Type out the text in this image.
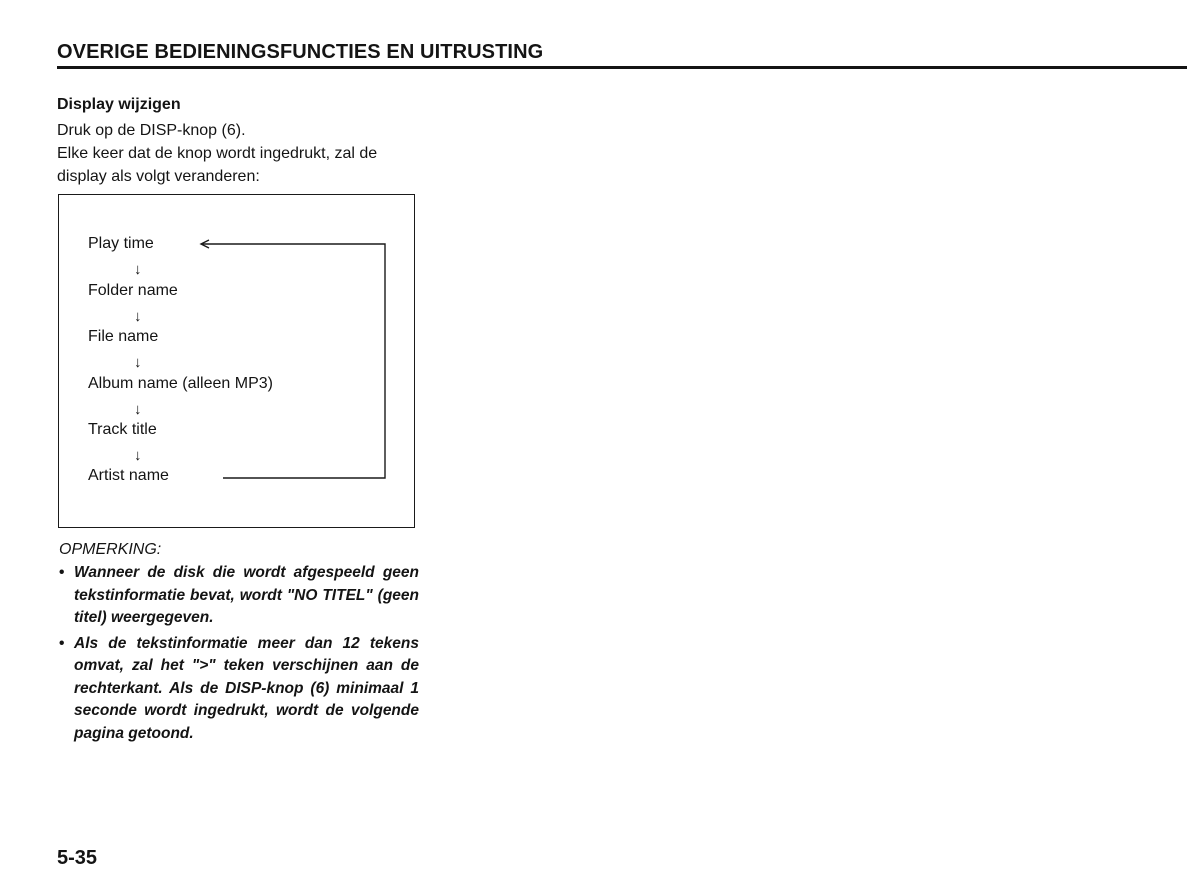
OVERIGE BEDIENINGSFUNCTIES EN UITRUSTING
Display wijzigen

Druk op de DISP-knop (6).

Elke keer dat de knop wordt ingedrukt, zal de display als volgt veranderen:

Play time
↓
Folder name
↓
File name
↓
Album name (alleen MP3)
↓
Track title
↓
Artist name
OPMERKING:
• Wanneer de disk die wordt afgespeeld geen tekstinformatie bevat, wordt "NO TITEL" (geen titel) weergegeven.
• Als de tekstinformatie meer dan 12 tekens omvat, zal het ">" teken verschijnen aan de rechterkant. Als de DISP-knop (6) minimaal 1 seconde wordt ingedrukt, wordt de volgende pagina getoond.
5-35
